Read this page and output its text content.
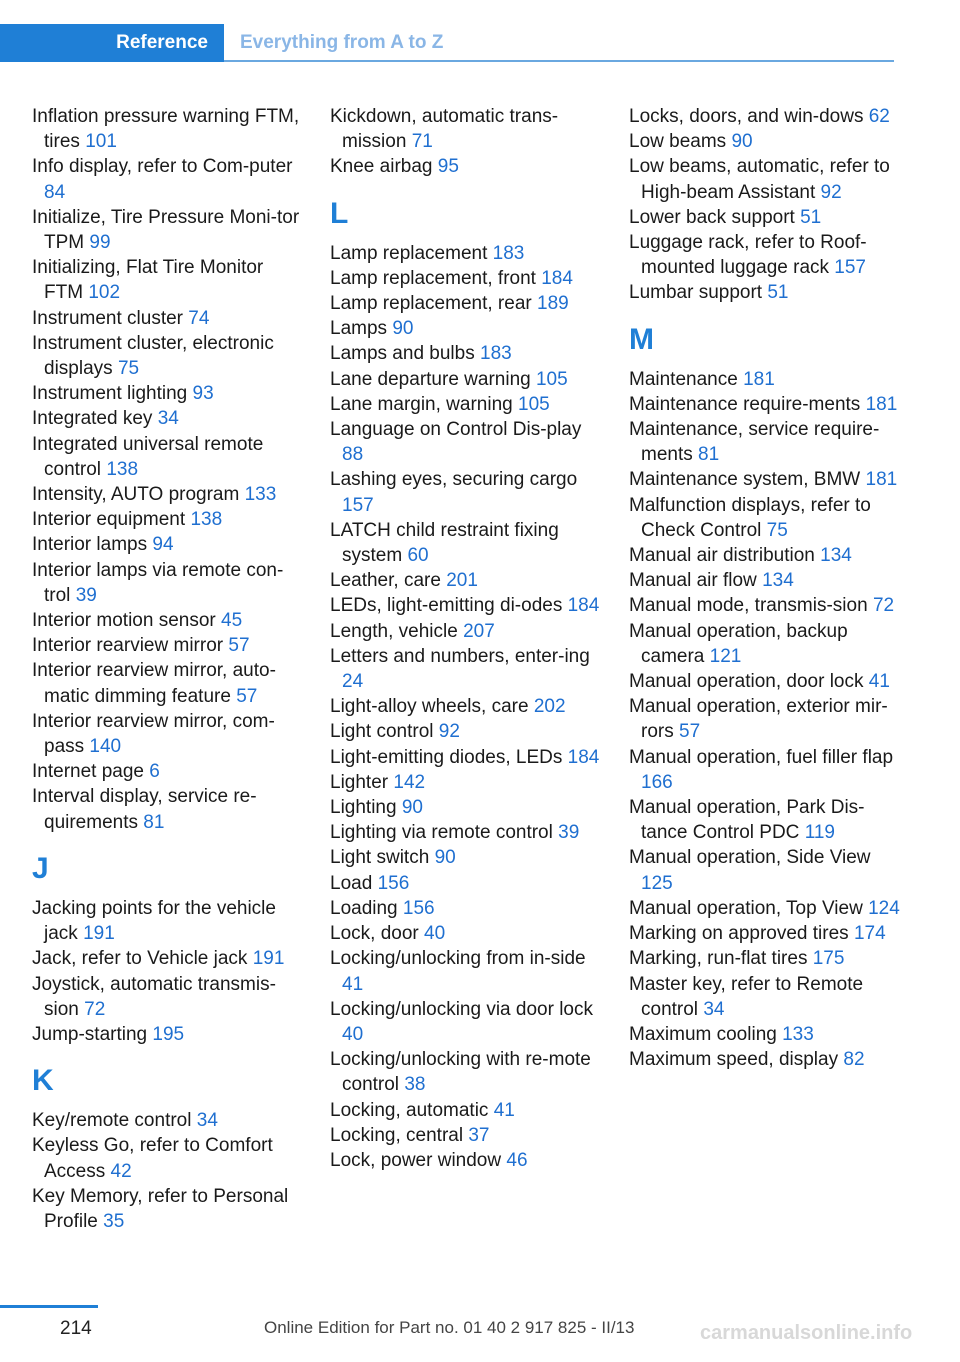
Reference	Everything from A to Z
Inflation pressure warning FTM, tires 101
Info display, refer to Com-puter 84
Initialize, Tire Pressure Moni-tor TPM 99
Initializing, Flat Tire Monitor FTM 102
Instrument cluster 74
Instrument cluster, electronic displays 75
Instrument lighting 93
Integrated key 34
Integrated universal remote control 138
Intensity, AUTO program 133
Interior equipment 138
Interior lamps 94
Interior lamps via remote con-trol 39
Interior motion sensor 45
Interior rearview mirror 57
Interior rearview mirror, auto-matic dimming feature 57
Interior rearview mirror, com-pass 140
Internet page 6
Interval display, service re-quirements 81
J
Jacking points for the vehicle jack 191
Jack, refer to Vehicle jack 191
Joystick, automatic transmis-sion 72
Jump-starting 195
K
Key/remote control 34
Keyless Go, refer to Comfort Access 42
Key Memory, refer to Personal Profile 35
Kickdown, automatic trans-mission 71
Knee airbag 95
L
Lamp replacement 183
Lamp replacement, front 184
Lamp replacement, rear 189
Lamps 90
Lamps and bulbs 183
Lane departure warning 105
Lane margin, warning 105
Language on Control Dis-play 88
Lashing eyes, securing cargo 157
LATCH child restraint fixing system 60
Leather, care 201
LEDs, light-emitting di-odes 184
Length, vehicle 207
Letters and numbers, enter-ing 24
Light-alloy wheels, care 202
Light control 92
Light-emitting diodes, LEDs 184
Lighter 142
Lighting 90
Lighting via remote control 39
Light switch 90
Load 156
Loading 156
Lock, door 40
Locking/unlocking from in-side 41
Locking/unlocking via door lock 40
Locking/unlocking with re-mote control 38
Locking, automatic 41
Locking, central 37
Lock, power window 46
Locks, doors, and win-dows 62
Low beams 90
Low beams, automatic, refer to High-beam Assistant 92
Lower back support 51
Luggage rack, refer to Roof-mounted luggage rack 157
Lumbar support 51
M
Maintenance 181
Maintenance require-ments 181
Maintenance, service require-ments 81
Maintenance system, BMW 181
Malfunction displays, refer to Check Control 75
Manual air distribution 134
Manual air flow 134
Manual mode, transmis-sion 72
Manual operation, backup camera 121
Manual operation, door lock 41
Manual operation, exterior mir-rors 57
Manual operation, fuel filler flap 166
Manual operation, Park Dis-tance Control PDC 119
Manual operation, Side View 125
Manual operation, Top View 124
Marking on approved tires 174
Marking, run-flat tires 175
Master key, refer to Remote control 34
Maximum cooling 133
Maximum speed, display 82
214	Online Edition for Part no. 01 40 2 917 825 - II/13	carmanualsonline.info
